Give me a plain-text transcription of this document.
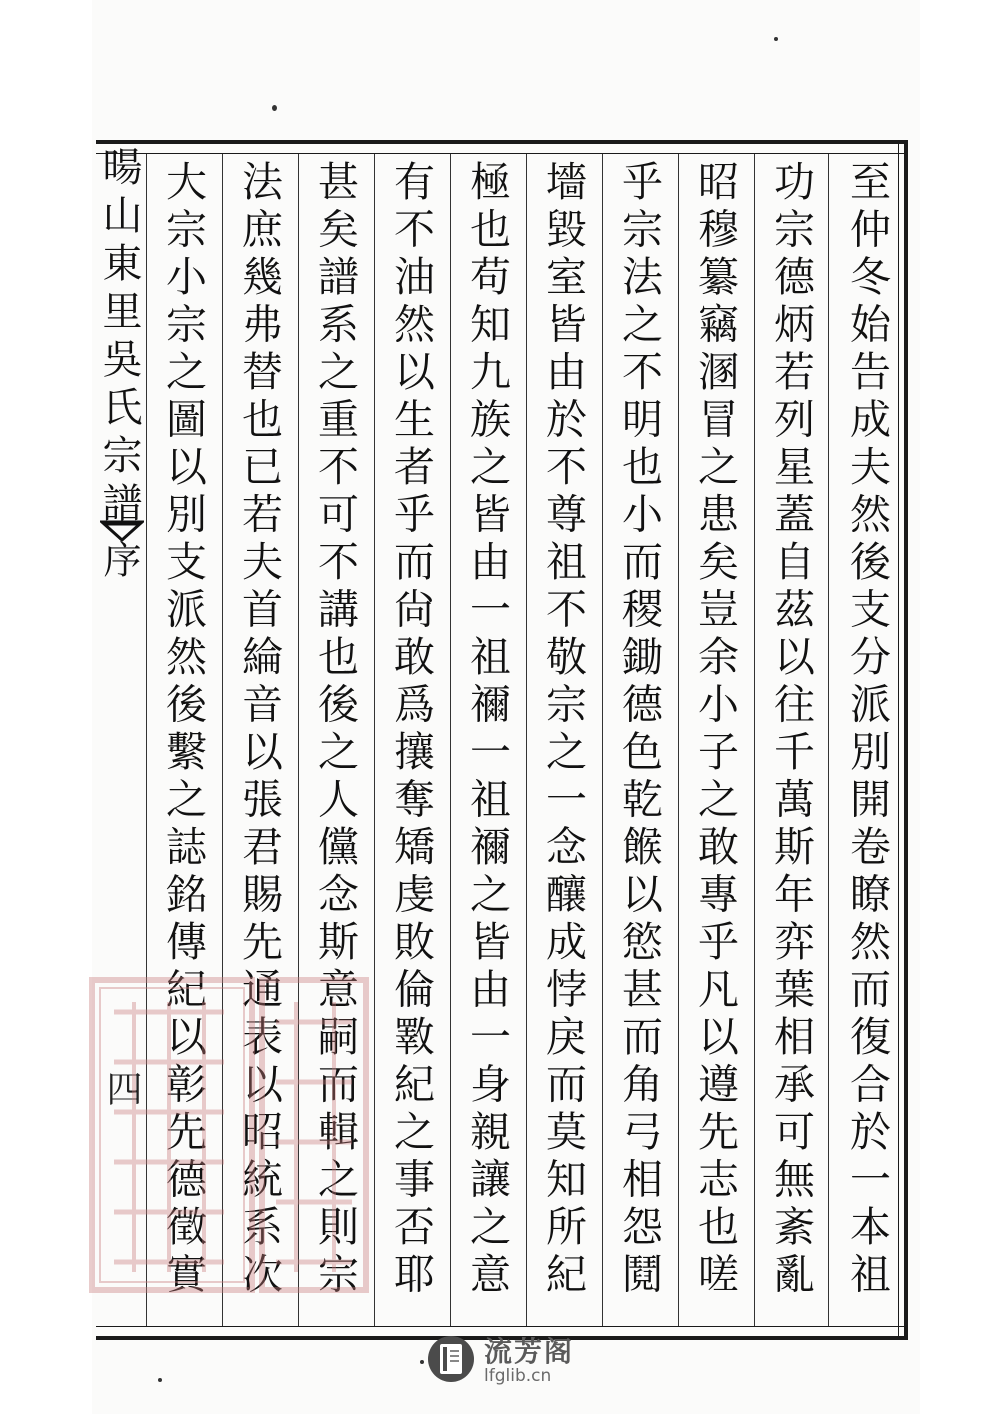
暘山東里吳氏宗譜
序
四	至仲冬始告成夫然後支分派別開卷瞭然而復合於一本祖
功宗德炳若列星蓋自茲以往千萬斯年弈葉相承可無紊亂
昭穆纂竊溷冒之患矣豈余小子之敢專乎凡以遵先志也嗟
乎宗法之不明也小而稷鋤德色乾餱以慾甚而角弓相怨鬩
墻毀室皆由於不尊祖不敬宗之一念釀成悖戾而莫知所紀
極也苟知九族之皆由一祖禰一祖禰之皆由一身親讓之意
有不油然以生者乎而尙敢爲攘奪矯虔敗倫斁紀之事否耶
甚矣譜系之重不可不講也後之人儻念斯意嗣而輯之則宗
法庶幾弗替也已若夫首綸音以張君賜先通表以昭統系次
大宗小宗之圖以別支派然後繫之誌銘傳紀以彰先德徵實
流芳阁
lfglib.cn
